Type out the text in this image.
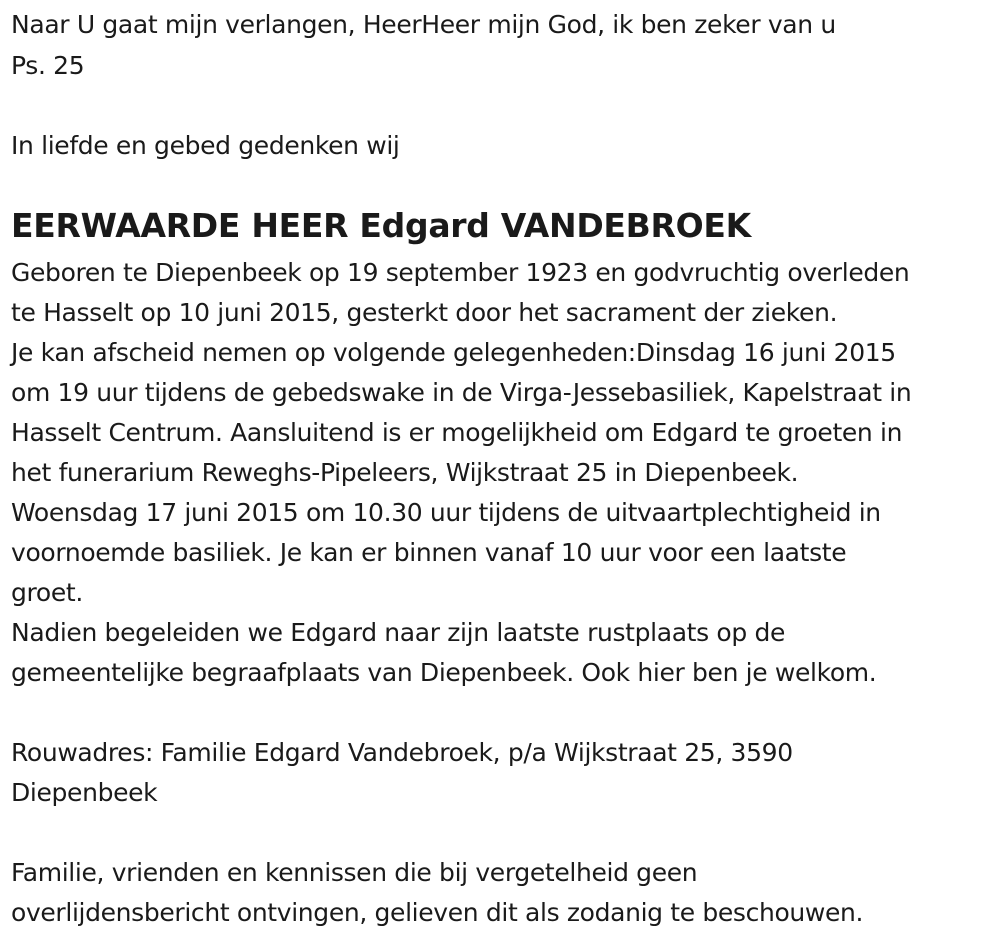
Naar U gaat mijn verlangen, HeerHeer mijn God, ik ben zeker van u
Ps. 25
In liefde en gebed gedenken wij
EERWAARDE HEER Edgard VANDEBROEK
Geboren te Diepenbeek op 19 september 1923 en godvruchtig overleden
te Hasselt op 10 juni 2015, gesterkt door het sacrament der zieken.
Je kan afscheid nemen op volgende gelegenheden:Dinsdag 16 juni 2015
om 19 uur tijdens de gebedswake in de Virga-Jessebasiliek, Kapelstraat in
Hasselt Centrum. Aansluitend is er mogelijkheid om Edgard te groeten in
het funerarium Reweghs-Pipeleers, Wijkstraat 25 in Diepenbeek.
Woensdag 17 juni 2015 om 10.30 uur tijdens de uitvaartplechtigheid in
voornoemde basiliek. Je kan er binnen vanaf 10 uur voor een laatste
groet.
Nadien begeleiden we Edgard naar zijn laatste rustplaats op de
gemeentelijke begraafplaats van Diepenbeek. Ook hier ben je welkom.
Rouwadres: Familie Edgard Vandebroek, p/a Wijkstraat 25, 3590
Diepenbeek
Familie, vrienden en kennissen die bij vergetelheid geen
overlijdensbericht ontvingen, gelieven dit als zodanig te beschouwen.
